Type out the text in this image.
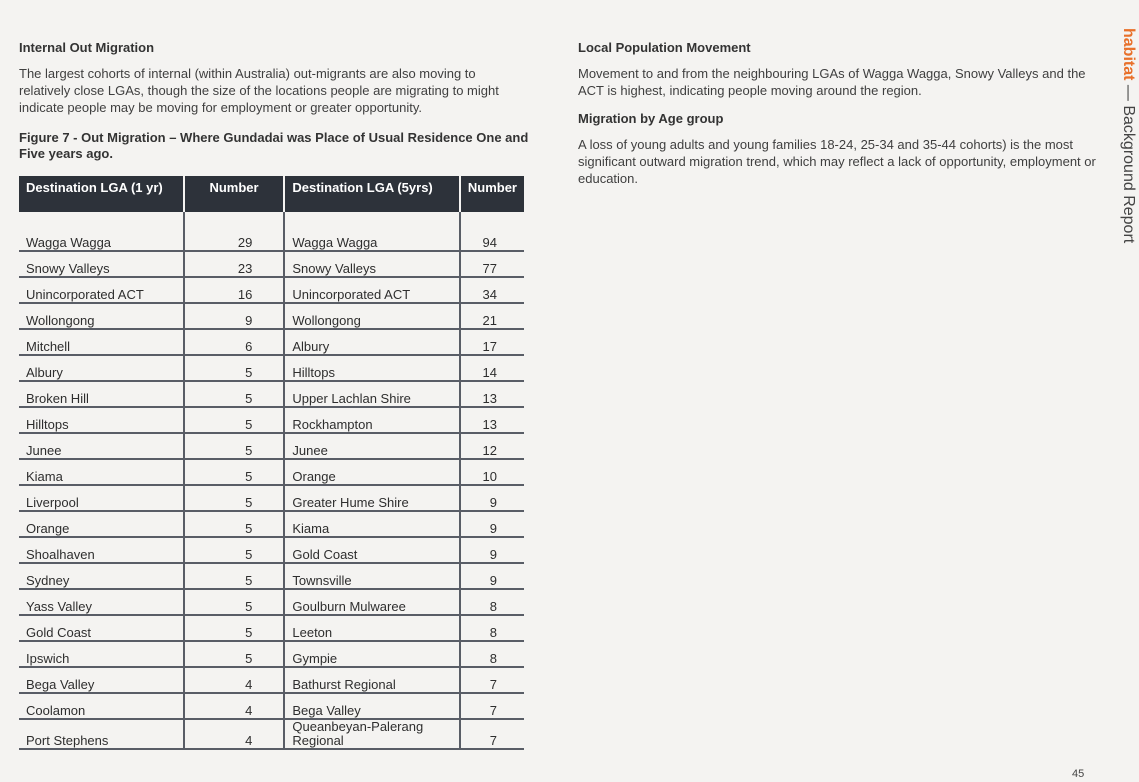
Internal Out Migration

The largest cohorts of internal (within Australia) out-migrants are also moving to relatively close LGAs, though the size of the locations people are migrating to might indicate people may be moving for employment or greater opportunity.

Figure 7 - Out Migration – Where Gundadai was Place of Usual Residence One and Five years ago.

Destination LGA (1 yr)	Number	Destination LGA (5yrs)	Number

Wagga Wagga	29	Wagga Wagga	94
Snowy Valleys	23	Snowy Valleys	77
Unincorporated ACT	16	Unincorporated ACT	34
Wollongong	9	Wollongong	21
Mitchell	6	Albury	17
Albury	5	Hilltops	14
Broken Hill	5	Upper Lachlan Shire	13
Hilltops	5	Rockhampton	13
Junee	5	Junee	12
Kiama	5	Orange	10
Liverpool	5	Greater Hume Shire	9
Orange	5	Kiama	9
Shoalhaven	5	Gold Coast	9
Sydney	5	Townsville	9
Yass Valley	5	Goulburn Mulwaree	8
Gold Coast	5	Leeton	8
Ipswich	5	Gympie	8
Bega Valley	4	Bathurst Regional	7
Coolamon	4	Bega Valley	7
Port Stephens	4	Queanbeyan-Palerang Regional	7
Local Population Movement

Movement to and from the neighbouring LGAs of Wagga Wagga, Snowy Valleys and the ACT is highest, indicating people moving around the region.

Migration by Age group

A loss of young adults and young families 18-24, 25-34 and 35-44 cohorts) is the most significant outward migration trend, which may reflect a lack of opportunity, employment or education.

habitat — Background Report
45
